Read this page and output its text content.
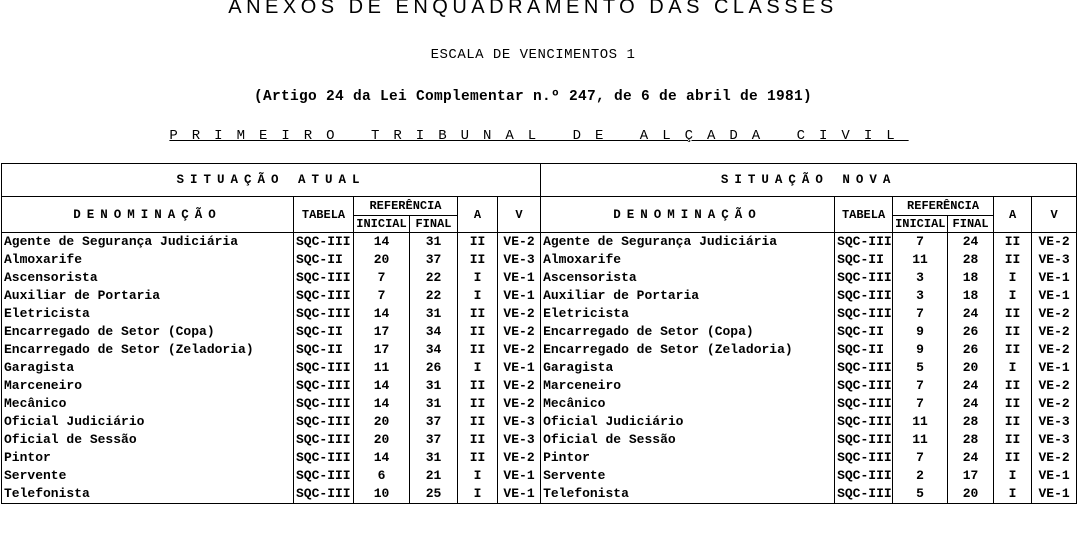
ANEXOS DE ENQUADRAMENTO DAS CLASSES
ESCALA DE VENCIMENTOS 1
(Artigo 24 da Lei Complementar n.º 247, de 6 de abril de 1981)
PRIMEIRO TRIBUNAL DE ALÇADA CIVIL
SITUAÇÃO ATUAL						SITUAÇÃO NOVA					
DENOMINAÇÃO	TABELA	REFERÊNCIA		A	V	DENOMINAÇÃO	TABELA	REFERÊNCIA		A	V
		INICIAL	FINAL					INICIAL	FINAL		
Agente de Segurança Judiciária	SQC-III	14	31	II	VE-2	Agente de Segurança Judiciária	SQC-III	7	24	II	VE-2
Almoxarife	SQC-II	20	37	II	VE-3	Almoxarife	SQC-II	11	28	II	VE-3
Ascensorista	SQC-III	7	22	I	VE-1	Ascensorista	SQC-III	3	18	I	VE-1
Auxiliar de Portaria	SQC-III	7	22	I	VE-1	Auxiliar de Portaria	SQC-III	3	18	I	VE-1
Eletricista	SQC-III	14	31	II	VE-2	Eletricista	SQC-III	7	24	II	VE-2
Encarregado de Setor (Copa)	SQC-II	17	34	II	VE-2	Encarregado de Setor (Copa)	SQC-II	9	26	II	VE-2
Encarregado de Setor (Zeladoria)	SQC-II	17	34	II	VE-2	Encarregado de Setor (Zeladoria)	SQC-II	9	26	II	VE-2
Garagista	SQC-III	11	26	I	VE-1	Garagista	SQC-III	5	20	I	VE-1
Marceneiro	SQC-III	14	31	II	VE-2	Marceneiro	SQC-III	7	24	II	VE-2
Mecânico	SQC-III	14	31	II	VE-2	Mecânico	SQC-III	7	24	II	VE-2
Oficial Judiciário	SQC-III	20	37	II	VE-3	Oficial Judiciário	SQC-III	11	28	II	VE-3
Oficial de Sessão	SQC-III	20	37	II	VE-3	Oficial de Sessão	SQC-III	11	28	II	VE-3
Pintor	SQC-III	14	31	II	VE-2	Pintor	SQC-III	7	24	II	VE-2
Servente	SQC-III	6	21	I	VE-1	Servente	SQC-III	2	17	I	VE-1
Telefonista	SQC-III	10	25	I	VE-1	Telefonista	SQC-III	5	20	I	VE-1
